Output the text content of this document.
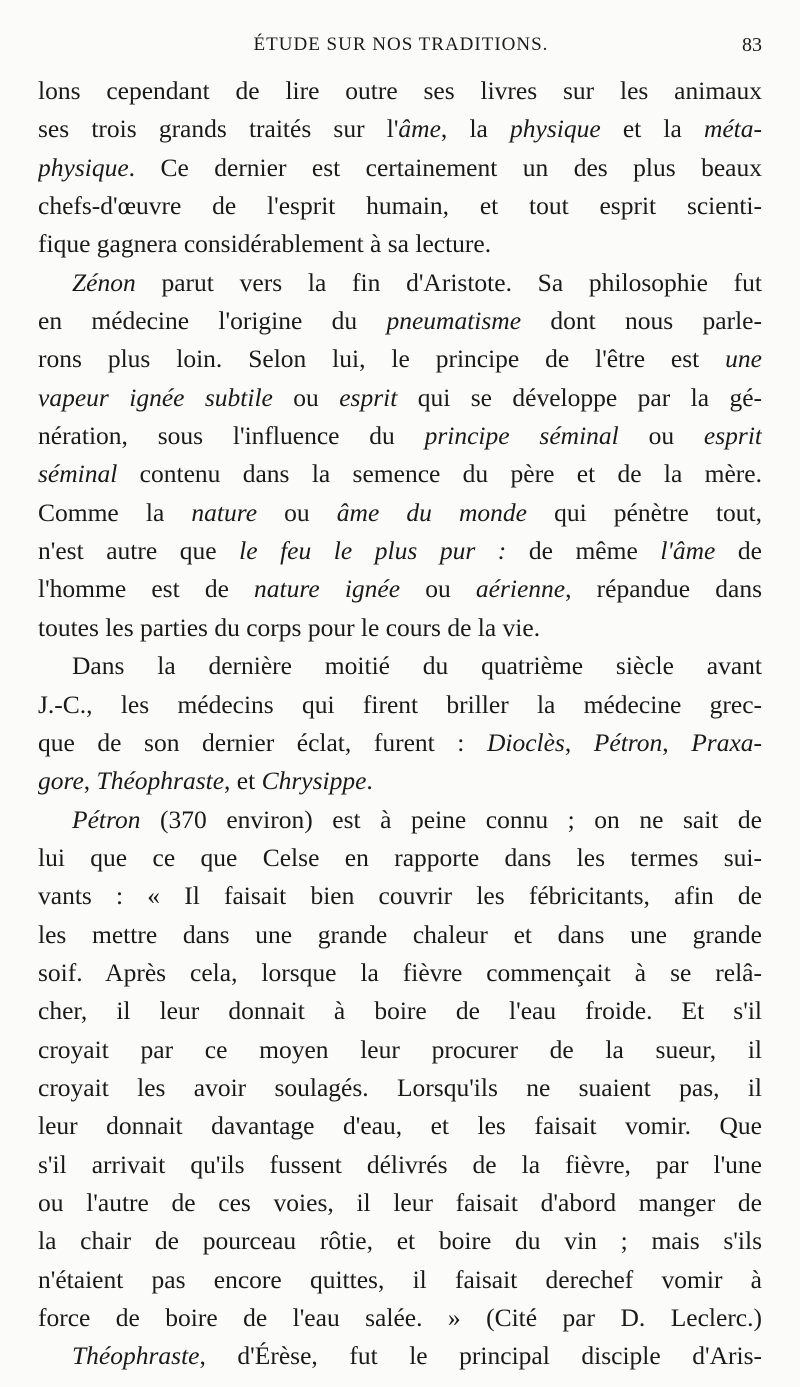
ÉTUDE SUR NOS TRADITIONS.	83
lons cependant de lire outre ses livres sur les animaux
ses trois grands traités sur l'âme, la physique et la méta-
physique. Ce dernier est certainement un des plus beaux
chefs-d'œuvre de l'esprit humain, et tout esprit scienti-
fique gagnera considérablement à sa lecture.
Zénon parut vers la fin d'Aristote. Sa philosophie fut
en médecine l'origine du pneumatisme dont nous parle-
rons plus loin. Selon lui, le principe de l'être est une
vapeur ignée subtile ou esprit qui se développe par la gé-
nération, sous l'influence du principe séminal ou esprit
séminal contenu dans la semence du père et de la mère.
Comme la nature ou âme du monde qui pénètre tout,
n'est autre que le feu le plus pur : de même l'âme de
l'homme est de nature ignée ou aérienne, répandue dans
toutes les parties du corps pour le cours de la vie.
Dans la dernière moitié du quatrième siècle avant
J.-C., les médecins qui firent briller la médecine grec-
que de son dernier éclat, furent : Dioclès, Pétron, Praxa-
gore, Théophraste, et Chrysippe.
Pétron (370 environ) est à peine connu ; on ne sait de
lui que ce que Celse en rapporte dans les termes sui-
vants : « Il faisait bien couvrir les fébricitants, afin de
les mettre dans une grande chaleur et dans une grande
soif. Après cela, lorsque la fièvre commençait à se relâ-
cher, il leur donnait à boire de l'eau froide. Et s'il
croyait par ce moyen leur procurer de la sueur, il
croyait les avoir soulagés. Lorsqu'ils ne suaient pas, il
leur donnait davantage d'eau, et les faisait vomir. Que
s'il arrivait qu'ils fussent délivrés de la fièvre, par l'une
ou l'autre de ces voies, il leur faisait d'abord manger de
la chair de pourceau rôtie, et boire du vin ; mais s'ils
n'étaient pas encore quittes, il faisait derechef vomir à
force de boire de l'eau salée. » (Cité par D. Leclerc.)
Théophraste, d'Érèse, fut le principal disciple d'Aris-
